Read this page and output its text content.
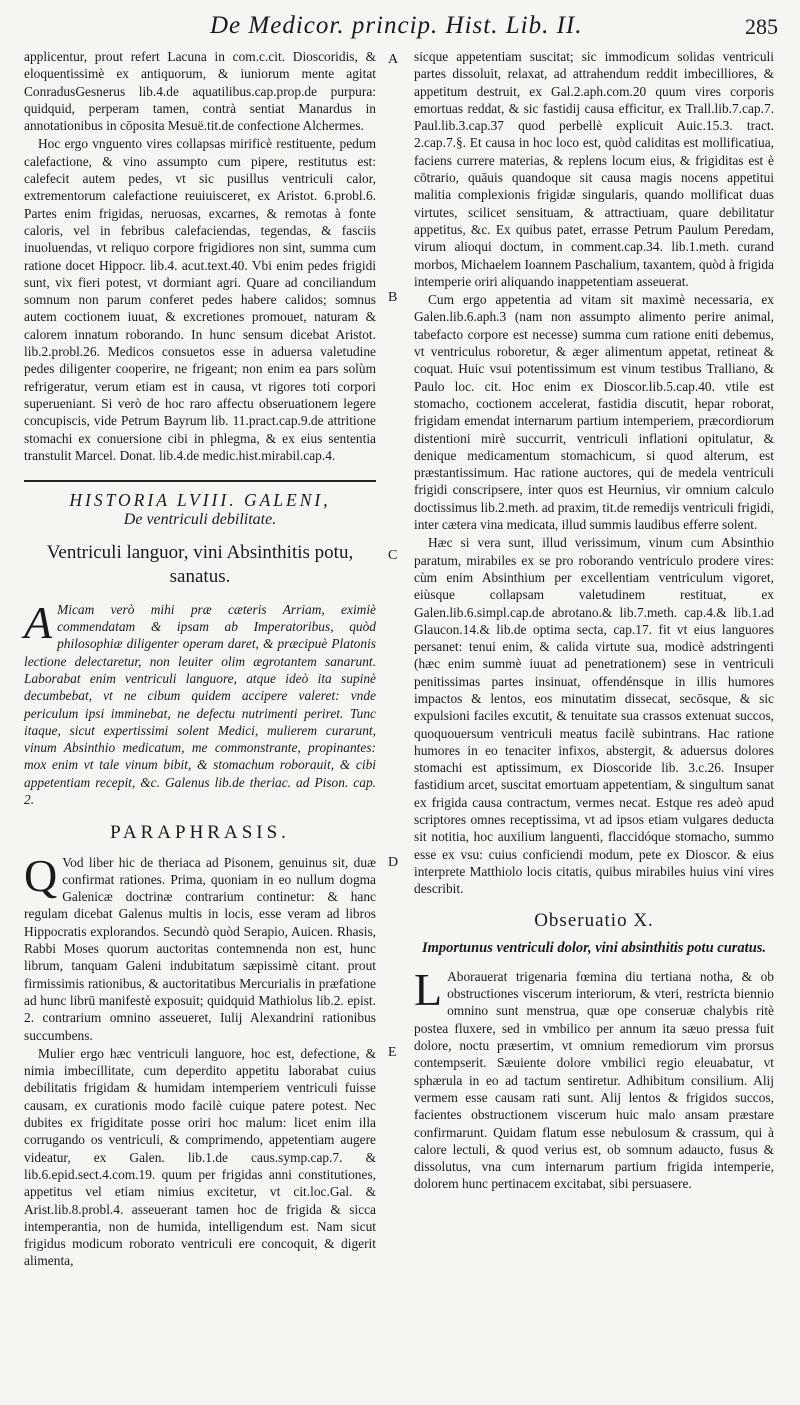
De Medicor. princip. Hist. Lib. II.	285
A
B
C
D
E

applicentur, prout refert Lacuna in com.c.cit. Dioscoridis, & eloquentissimè ex antiquorum, & iuniorum mente agitat ConradusGesnerus lib.4.de aquatilibus.cap.prop.de purpura: quidquid, perperam tamen, contrà sentiat Manardus in annotationibus in cōposita Mesuë.tit.de confectione Alchermes.

Hoc ergo vnguento vires collapsas mirificè restituente, pedum calefactione, & vino assumpto cum pipere, restitutus est: calefecit autem pedes, vt sic pusillus ventriculi calor, extrementorum calefactione reuiuisceret, ex Aristot. 6.probl.6. Partes enim frigidas, neruosas, excarnes, & remotas à fonte caloris, vel in febribus calefaciendas, tegendas, & fasciis inuoluendas, vt reliquo corpore frigidiores non sint, summa cum ratione docet Hippocr. lib.4. acut.text.40. Vbi enim pedes frigidi sunt, vix fieri potest, vt dormiant agri. Quare ad conciliandum somnum non parum conferet pedes habere calidos; somnus autem coctionem iuuat, & excretiones promouet, naturam & calorem innatum roborando. In hunc sensum dicebat Aristot. lib.2.probl.26. Medicos consuetos esse in aduersa valetudine pedes diligenter cooperire, ne frigeant; non enim ea pars solùm refrigeratur, verum etiam est in causa, vt rigores toti corpori superueniant. Si verò de hoc raro affectu obseruationem legere concupiscis, vide Petrum Bayrum lib. 11.pract.cap.9.de attritione stomachi ex conuersione cibi in phlegma, & ex eius sententia transtulit Marcel. Donat. lib.4.de medic.hist.mirabil.cap.4.

HISTORIA LVIII. GALENI,
De ventriculi debilitate.
Ventriculi languor, vini Absinthitis potu, sanatus.

A Micam verò mihi præ cæteris Arriam, eximiè commendatam & ipsam ab Imperatoribus, quòd philosophiæ diligenter operam daret, & præcipuè Platonis lectione delectaretur, non leuiter olim ægrotantem sanarunt. Laborabat enim ventriculi languore, atque ideò ita supinè decumbebat, vt ne cibum quidem accipere valeret: vnde periculum ipsi imminebat, ne defectu nutrimenti periret. Tunc itaque, sicut expertissimi solent Medici, mulierem curarunt, vinum Absinthio medicatum, me commonstrante, propinantes: mox enim vt tale vinum bibit, & stomachum roborauit, & cibi appetentiam recepit, &c. Galenus lib.de theriac. ad Pison. cap. 2.

PARAPHRASIS.

Q Vod liber hic de theriaca ad Pisonem, genuinus sit, duæ confirmat rationes. Prima, quoniam in eo nullum dogma Galenicæ doctrinæ contrarium continetur: & hanc regulam dicebat Galenus multis in locis, esse veram ad libros Hippocratis explorandos. Secundò quòd Serapio, Auicen. Rhasis, Rabbi Moses quorum auctoritas contemnenda non est, hunc librum, tanquam Galeni indubitatum sæpissimè citant. prout firmissimis rationibus, & auctoritatibus Mercurialis in præfatione ad hunc librū manifestè exposuit; quidquid Mathiolus lib.2. epist. 2. contrarium omnino asseueret, Iulij Alexandrini rationibus succumbens.

Mulier ergo hæc ventriculi languore, hoc est, defectione, & nimia imbecillitate, cum deperdito appetitu laborabat cuius debilitatis frigidam & humidam intemperiem ventriculi fuisse causam, ex curationis modo facilè cuique patere potest. Nec dubites ex frigiditate posse oriri hoc malum: licet enim illa corrugando os ventriculi, & comprimendo, appetentiam augere videatur, ex Galen. lib.1.de caus.symp.cap.7. & lib.6.epid.sect.4.com.19. quum per frigidas anni constitutiones, appetitus vel etiam nimius excitetur, vt cit.loc.Gal. & Arist.lib.8.probl.4. asseuerant tamen hoc de frigida & sicca intemperantia, non de humida, intelligendum est. Nam sicut frigidus modicum roborato ventriculi ere concoquit, & digerit alimenta,

sicque appetentiam suscitat; sic immodicum solidas ventriculi partes dissoluit, relaxat, ad attrahendum reddit imbecilliores, & appetitum destruit, ex Gal.2.aph.com.20 quum vires corporis emortuas reddat, & sic fastidij causa efficitur, ex Trall.lib.7.cap.7. Paul.lib.3.cap.37 quod perbellè explicuit Auic.15.3. tract. 2.cap.7.§. Et causa in hoc loco est, quòd caliditas est mollificatiua, faciens currere materias, & replens locum eius, & frigiditas est è cōtrario, quāuis quandoque sit causa magis nocens appetitui malitia complexionis frigidæ singularis, quando mollificat duas virtutes, scilicet sensituam, & attractiuam, quare debilitatur appetitus, &c. Ex quibus patet, errasse Petrum Paulum Peredam, virum alioqui doctum, in comment.cap.34. lib.1.meth. curand morbos, Michaelem Ioannem Paschalium, taxantem, quòd à frigida intemperie oriri aliquando inappetentiam asseuerat.

Cum ergo appetentia ad vitam sit maximè necessaria, ex Galen.lib.6.aph.3 (nam non assumpto alimento perire animal, tabefacto corpore est necesse) summa cum ratione eniti debemus, vt ventriculus roboretur, & æger alimentum appetat, retineat & coquat. Huic vsui potentissimum est vinum testibus Tralliano, & Paulo loc. cit. Hoc enim ex Dioscor.lib.5.cap.40. vtile est stomacho, coctionem accelerat, fastidia discutit, hepar roborat, frigidam emendat internarum partium intemperiem, præcordiorum distentioni mirè succurrit, ventriculi inflationi opitulatur, & denique medicamentum stomachicum, si quod alterum, est præstantissimum. Hac ratione auctores, qui de medela ventriculi frigidi conscripsere, inter quos est Heurnius, vir omnium calculo doctissimus lib.2.meth. ad praxim, tit.de remedijs ventriculi frigidi, inter cætera vina medicata, illud summis laudibus efferre solent.

Hæc si vera sunt, illud verissimum, vinum cum Absinthio paratum, mirabiles ex se pro roborando ventriculo prodere vires: cùm enim Absinthium per excellentiam ventriculum vigoret, eiùsque collapsam valetudinem restituat, ex Galen.lib.6.simpl.cap.de abrotano.& lib.7.meth. cap.4.& lib.1.ad Glaucon.14.& lib.de optima secta, cap.17. fit vt eius languores persanet: tenui enim, & calida virtute sua, modicè adstringenti (hæc enim summè iuuat ad penetrationem) sese in ventriculi penitissimas partes insinuat, offendénsque in illis humores impactos & lentos, eos minutatim dissecat, secōsque, & sic expulsioni faciles excutit, & tenuitate sua crassos extenuat succos, quoquouersum ventriculi meatus facilè subintrans. Hac ratione humores in eo tenaciter infixos, abstergit, & aduersus dolores stomachi est aptissimum, ex Dioscoride lib. 3.c.26. Insuper fastidium arcet, suscitat emortuam appetentiam, & singultum sanat ex frigida causa contractum, vermes necat. Estque res adeò apud scriptores omnes receptissima, vt ad ipsos etiam vulgares deducta sit notitia, hoc auxilium languenti, flaccidóque stomacho, summo esse ex vsu: cuius conficiendi modum, pete ex Dioscor. & eius interprete Matthiolo locis citatis, quibus mirabiles huius vini vires describit.

Obseruatio X.
Importunus ventriculi dolor, vini absinthitis potu curatus.

L Aborauerat trigenaria fœmina diu tertiana notha, & ob obstructiones viscerum interiorum, & vteri, restricta biennio omnino sunt menstrua, quæ ope conseruæ chalybis ritè postea fluxere, sed in vmbilico per annum ita sæuo pressa fuit dolore, noctu præsertim, vt omnium remediorum vim prorsus contempserit. Sæuiente dolore vmbilici regio eleuabatur, vt sphærula in eo ad tactum sentiretur. Adhibitum consilium. Alij vermem esse causam rati sunt. Alij lentos & frigidos succos, facientes obstructionem viscerum huic malo ansam præstare confirmarunt. Quidam flatum esse nebulosum & crassum, qui à calore lectuli, & quod verius est, ob somnum adaucto, fusus & dissolutus, vna cum internarum partium frigida intemperie, dolorem hunc pertinacem excitabat, sibi persuasere.
